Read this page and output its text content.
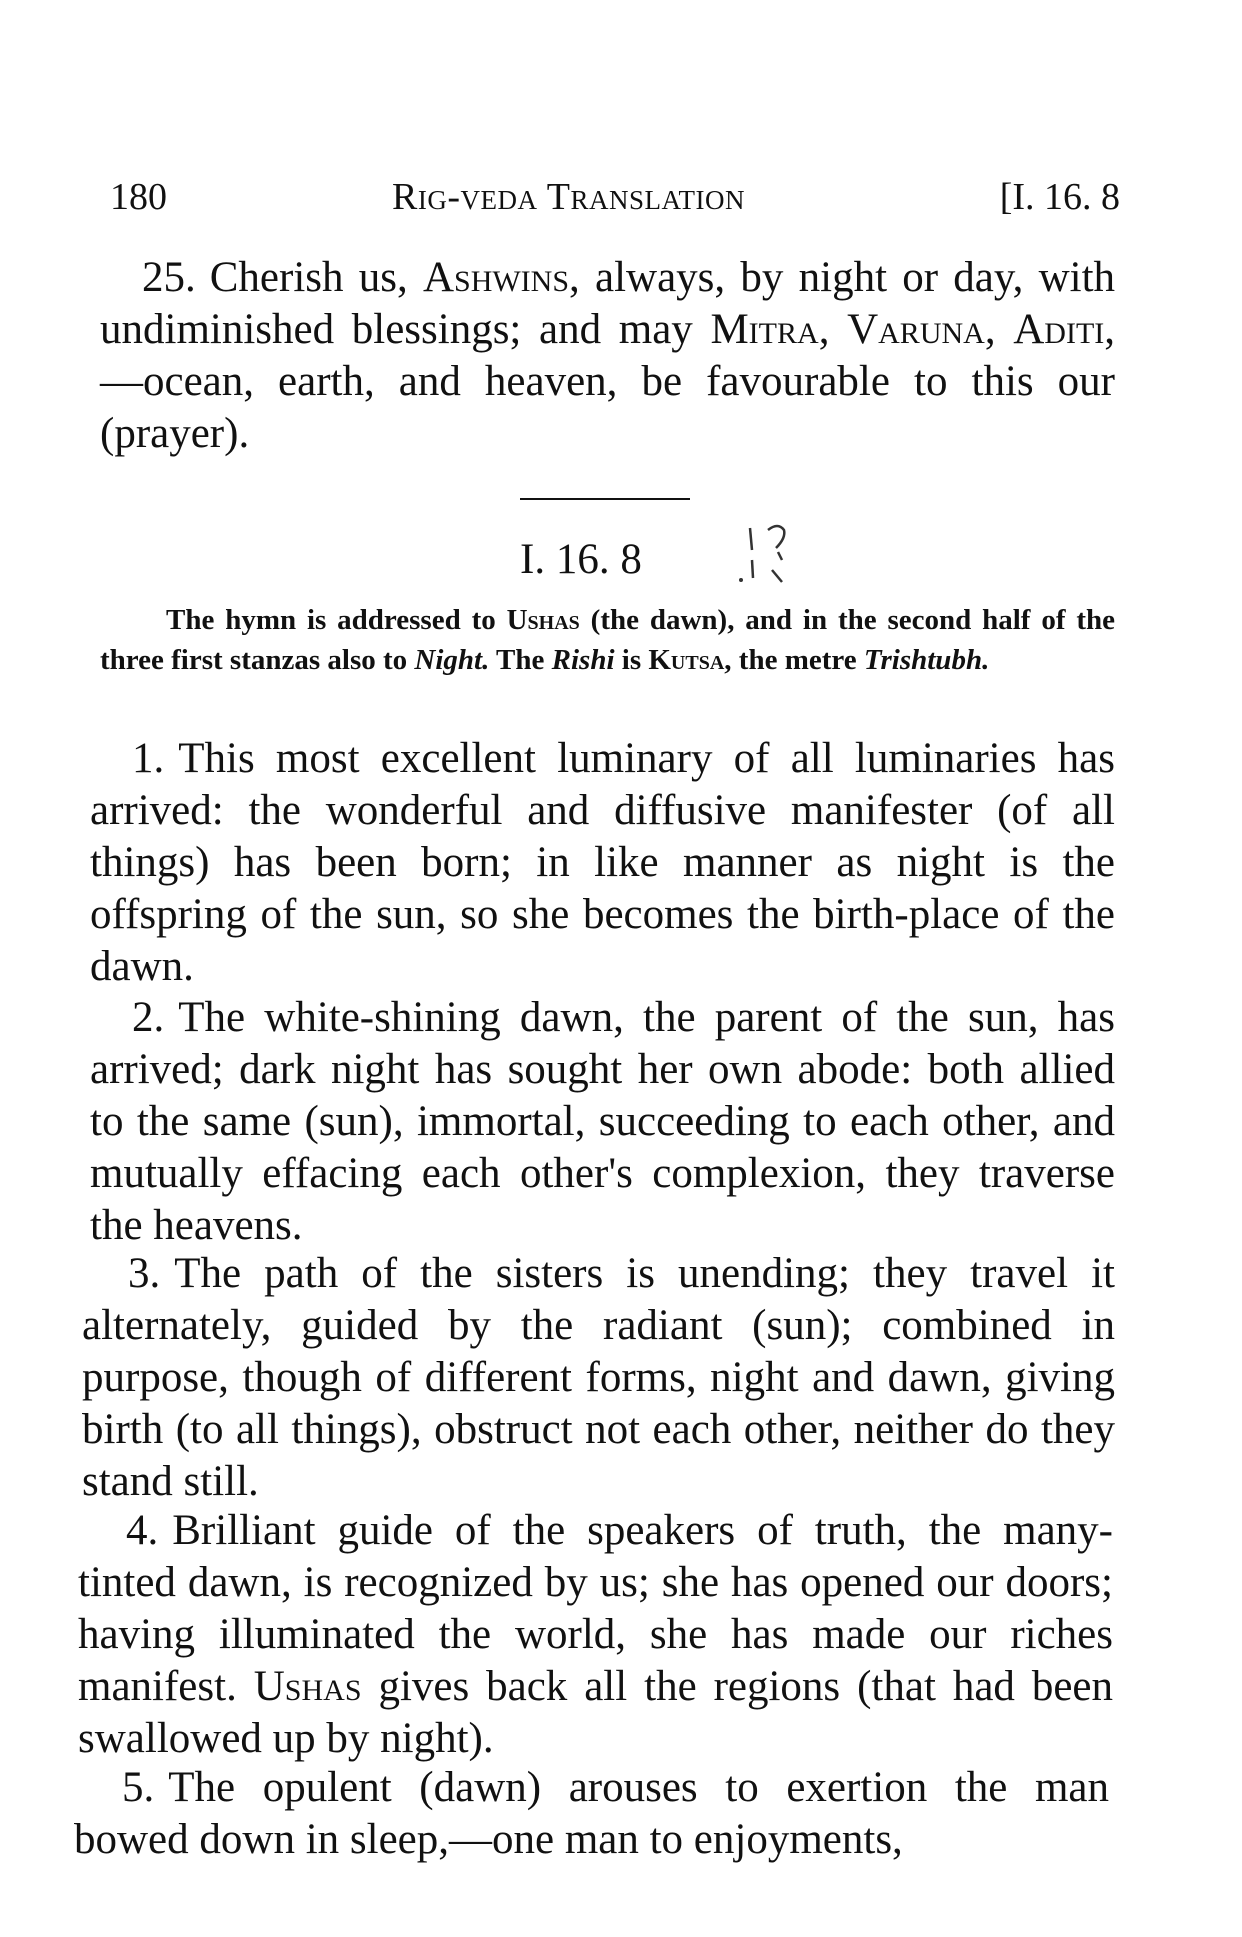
180	Rig-veda Translation	[I. 16. 8

25. Cherish us, Ashwins, always, by night or day, with undiminished blessings; and may Mitra, Varuna, Aditi,—ocean, earth, and heaven, be favourable to this our (prayer).

I. 16. 8

The hymn is addressed to Ushas (the dawn), and in the second half of the three first stanzas also to Night. The Rishi is Kutsa, the metre Trishtubh.

1. This most excellent luminary of all luminaries has arrived: the wonderful and diffusive manifester (of all things) has been born; in like manner as night is the offspring of the sun, so she becomes the birth-place of the dawn.

2. The white-shining dawn, the parent of the sun, has arrived; dark night has sought her own abode: both allied to the same (sun), immortal, succeeding to each other, and mutually effacing each other's complexion, they traverse the heavens.

3. The path of the sisters is unending; they travel it alternately, guided by the radiant (sun); combined in purpose, though of different forms, night and dawn, giving birth (to all things), obstruct not each other, neither do they stand still.

4. Brilliant guide of the speakers of truth, the many-tinted dawn, is recognized by us; she has opened our doors; having illuminated the world, she has made our riches manifest. Ushas gives back all the regions (that had been swallowed up by night).

5. The opulent (dawn) arouses to exertion the man bowed down in sleep,—one man to enjoyments,
